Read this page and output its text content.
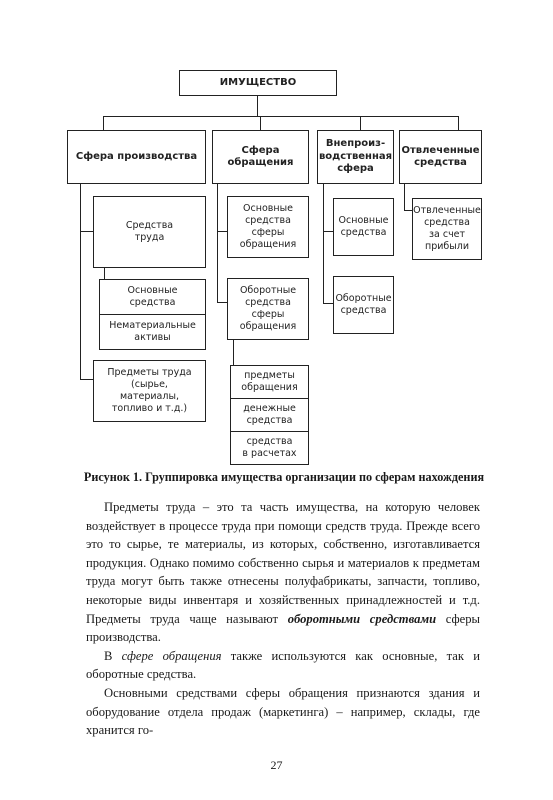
ИМУЩЕСТВО
Сфера производства
Сфера
обращения
Внепроиз-
водственная
сфера
Отвлеченные
средства
Средства
труда
Основные
средства
Нематериальные
активы
Предметы труда
(сырье,
материалы,
топливо и т.д.)
Основные
средства сферы
обращения
Оборотные
средства сферы
обращения
предметы
обращения
денежные
средства
средства
в расчетах
Основные
средства
Оборотные
средства
Отвлеченные
средства
за счет
прибыли
Рисунок 1. Группировка имущества организации по сферам нахождения

Предметы труда – это та часть имущества, на которую человек воздействует в процессе труда при помощи средств труда. Прежде всего это то сырье, те материалы, из которых, собственно, изготавливается продукция. Однако помимо собственно сырья и материалов к предметам труда могут быть также отнесены полуфабрикаты, запчасти, топливо, некоторые виды инвентаря и хозяйственных принадлежностей и т.д. Предметы труда чаще называют оборотными средствами сферы производства.

В сфере обращения также используются как основные, так и оборотные средства.

Основными средствами сферы обращения признаются здания и оборудование отдела продаж (маркетинга) – например, склады, где хранится го-

27
